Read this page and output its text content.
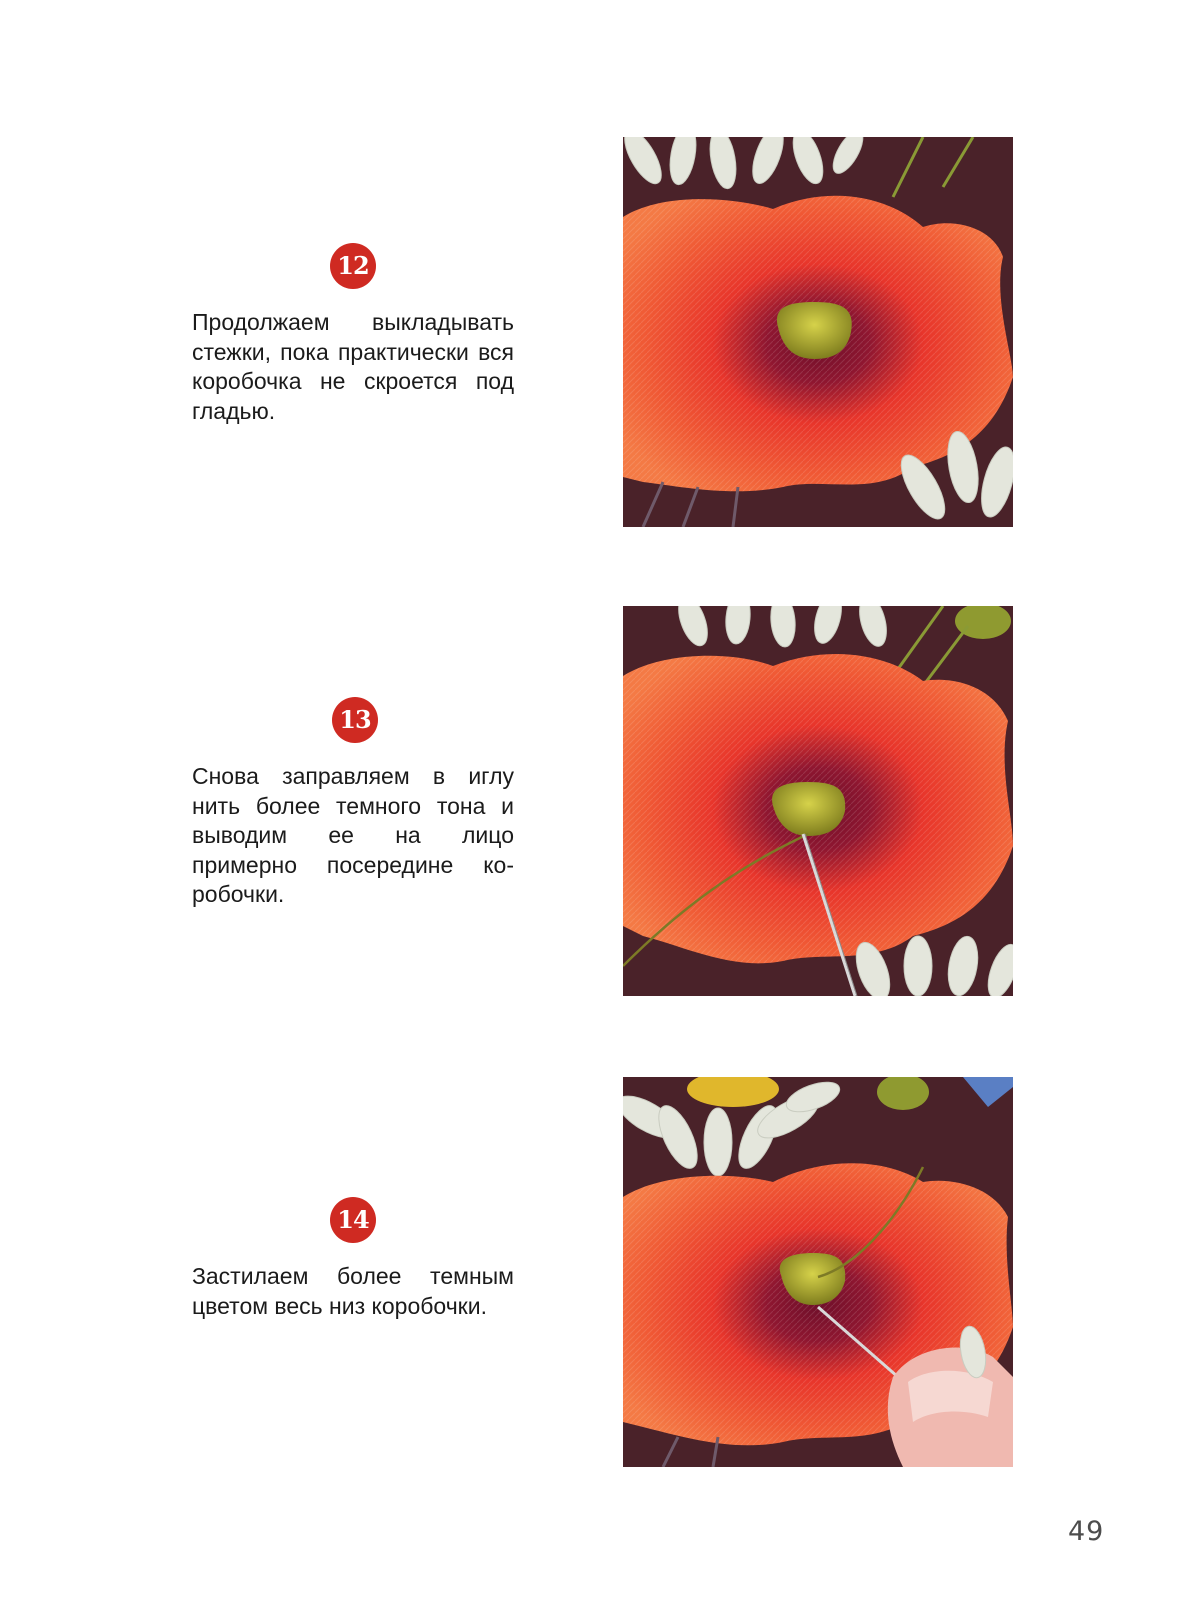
12

Продолжаем выкладывать стежки, пока практически вся коробочка не скроется под гладью.

13

Снова заправляем в иглу нить более темного тона и выводим ее на лицо примерно посередине коробочки.

14

Застилаем более темным цветом весь низ коробочки.

49
